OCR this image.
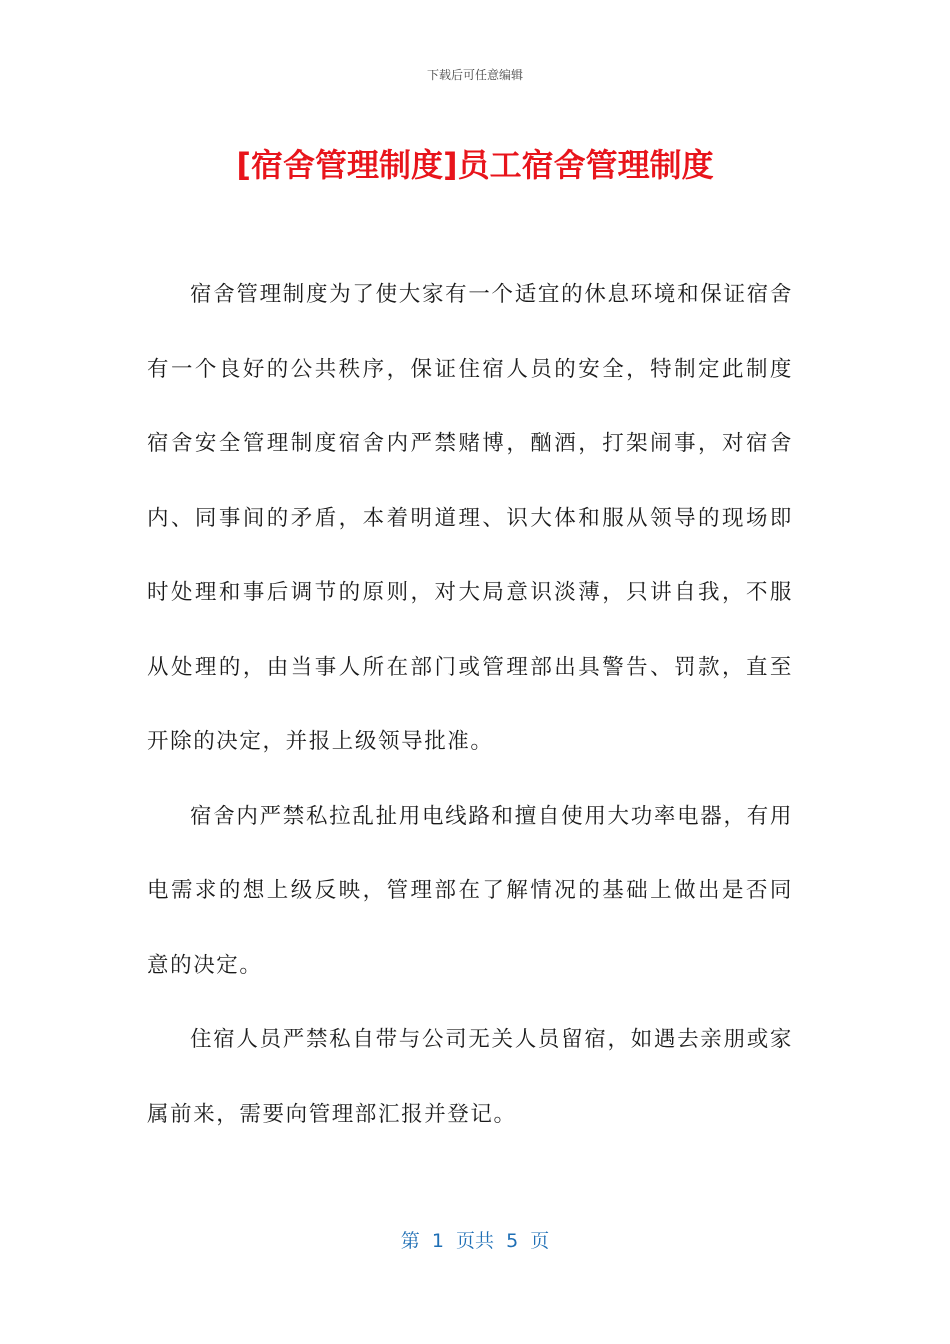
下载后可任意编辑
[宿舍管理制度]员工宿舍管理制度

宿舍管理制度为了使大家有一个适宜的休息环境和保证宿舍有一个良好的公共秩序，保证住宿人员的安全，特制定此制度宿舍安全管理制度宿舍内严禁赌博，酗酒，打架闹事，对宿舍内、同事间的矛盾，本着明道理、识大体和服从领导的现场即时处理和事后调节的原则，对大局意识淡薄，只讲自我，不服从处理的，由当事人所在部门或管理部出具警告、罚款，直至开除的决定，并报上级领导批准。

宿舍内严禁私拉乱扯用电线路和擅自使用大功率电器，有用电需求的想上级反映，管理部在了解情况的基础上做出是否同意的决定。

住宿人员严禁私自带与公司无关人员留宿，如遇去亲朋或家属前来，需要向管理部汇报并登记。

第  1  页共  5  页
